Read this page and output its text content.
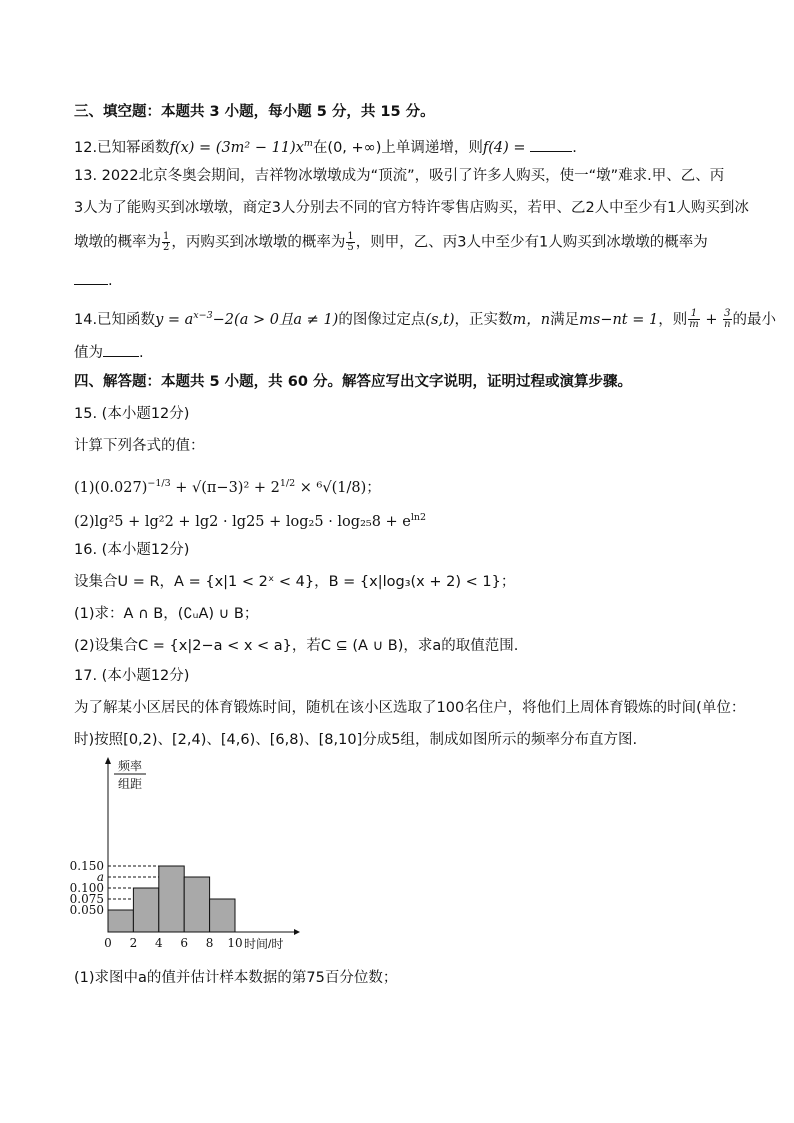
三、填空题：本题共 3 小题，每小题 5 分，共 15 分。
12.已知幂函数$f(x) = (3m^2 - 11)x^m$在(0, +∞)上单调递增，则f(4) =	.
13. 2022北京冬奥会期间，吉祥物冰墩墩成为“顶流”，吸引了许多人购买，使一“墩”难求.甲、乙、丙
3人为了能购买到冰墩墩，商定3人分别去不同的官方特许零售店购买，若甲、乙2人中至少有1人购买到冰
墩墩的概率为 $\frac{1}{2}$ ，丙购买到冰墩墩的概率为 $\frac{1}{5}$ ，则甲，乙、丙3人中至少有1人购买到冰墩墩的概率为
.
14.已知函数$y = a^{x-3}-2(a > 0$且a ≠ 1)的图像过定点(s,t)，正实数m，n满足ms−nt = 1，则 $\frac{1}{m} + \frac{3}{n}$ 的最小
值为 .
四、解答题：本题共 5 小题，共 60 分。解答应写出文字说明，证明过程或演算步骤。
15. (本小题12分)
计算下列各式的值：
$(1)(0.027)^{-1/3} + √(\pi-3)^2 + 2^{1/2} \times ^6√(1/8)$；
$(2)\lg^25 + \lg^22 + \lg 2 \cdot \lg 25 + \log_25 \cdot \log_{25}8 + e^{ln2}$
16. (本小题12分)
设集合U = R，A = {x|1 < 2ˣ < 4}，B = {x|log₃(x + 2) < 1}；
(1)求：A ∩ B，(∁ᵤA) ∪ B；
(2)设集合C = {x|2−a < x < a}，若C ⊆ (A ∪ B)，求a的取值范围.
17. (本小题12分)
为了解某小区居民的体育锻炼时间，随机在该小区选取了100名住户，将他们上周体育锻炼的时间(单位：
时)按照[0,2)、[2,4)、[4,6)、[6,8)、[8,10]分成5组，制成如图所示的频率分布直方图.
0.050
0.075
0.100
a
0.150
0 2 4 6 8 10 时间/时
频率
组距
(1)求图中a的值并估计样本数据的第75百分位数；
